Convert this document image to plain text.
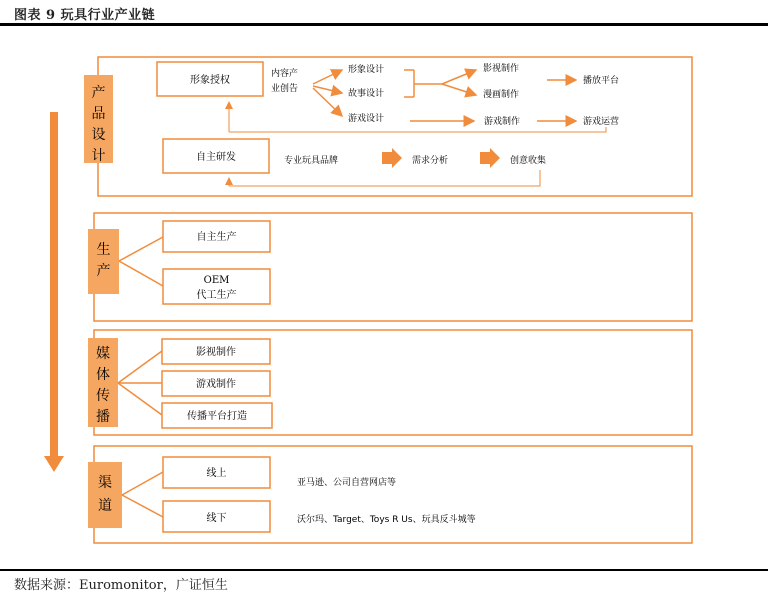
图表 9 玩具行业产业链
产
品
设
计
形象授权
内容产
业创告
形象设计
故事设计
游戏设计
影视制作
漫画制作
播放平台
游戏制作	游戏运营
自主研发	专业玩具品牌	需求分析	创意收集
生
产
自主生产
OEM
代工生产
媒
体
传
播
影视制作
游戏制作
传播平台打造
渠
道
线上
线下
亚马逊、公司自营网店等
沃尔玛、Target、Toys R Us、玩具反斗城等
数据来源：Euromonitor，广证恒生
